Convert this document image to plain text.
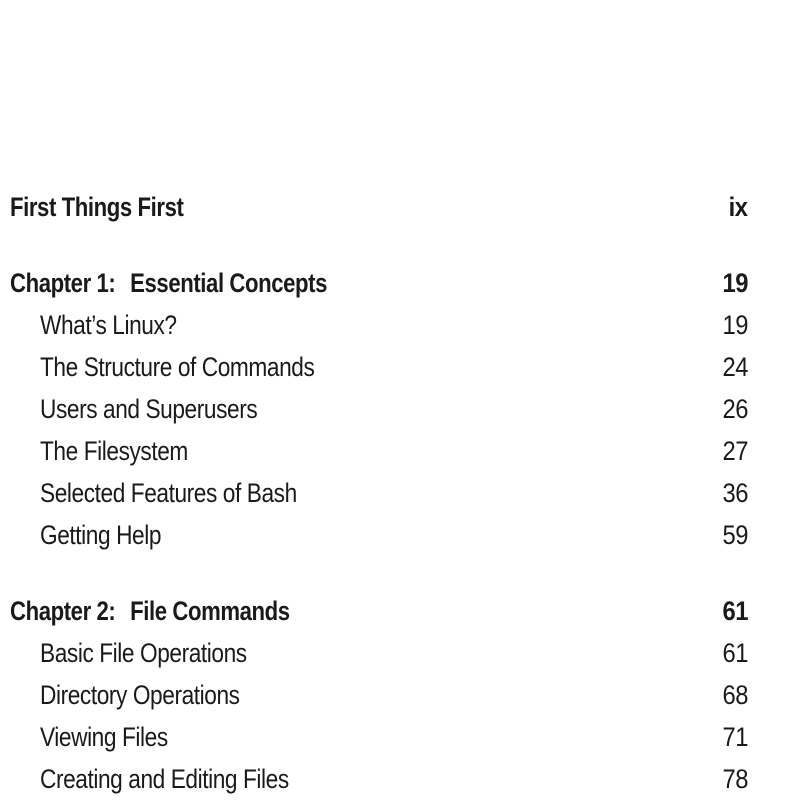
First Things First	ix
Chapter 1: Essential Concepts	19
What’s Linux?	19
The Structure of Commands	24
Users and Superusers	26
The Filesystem	27
Selected Features of Bash	36
Getting Help	59
Chapter 2: File Commands	61
Basic File Operations	61
Directory Operations	68
Viewing Files	71
Creating and Editing Files	78
